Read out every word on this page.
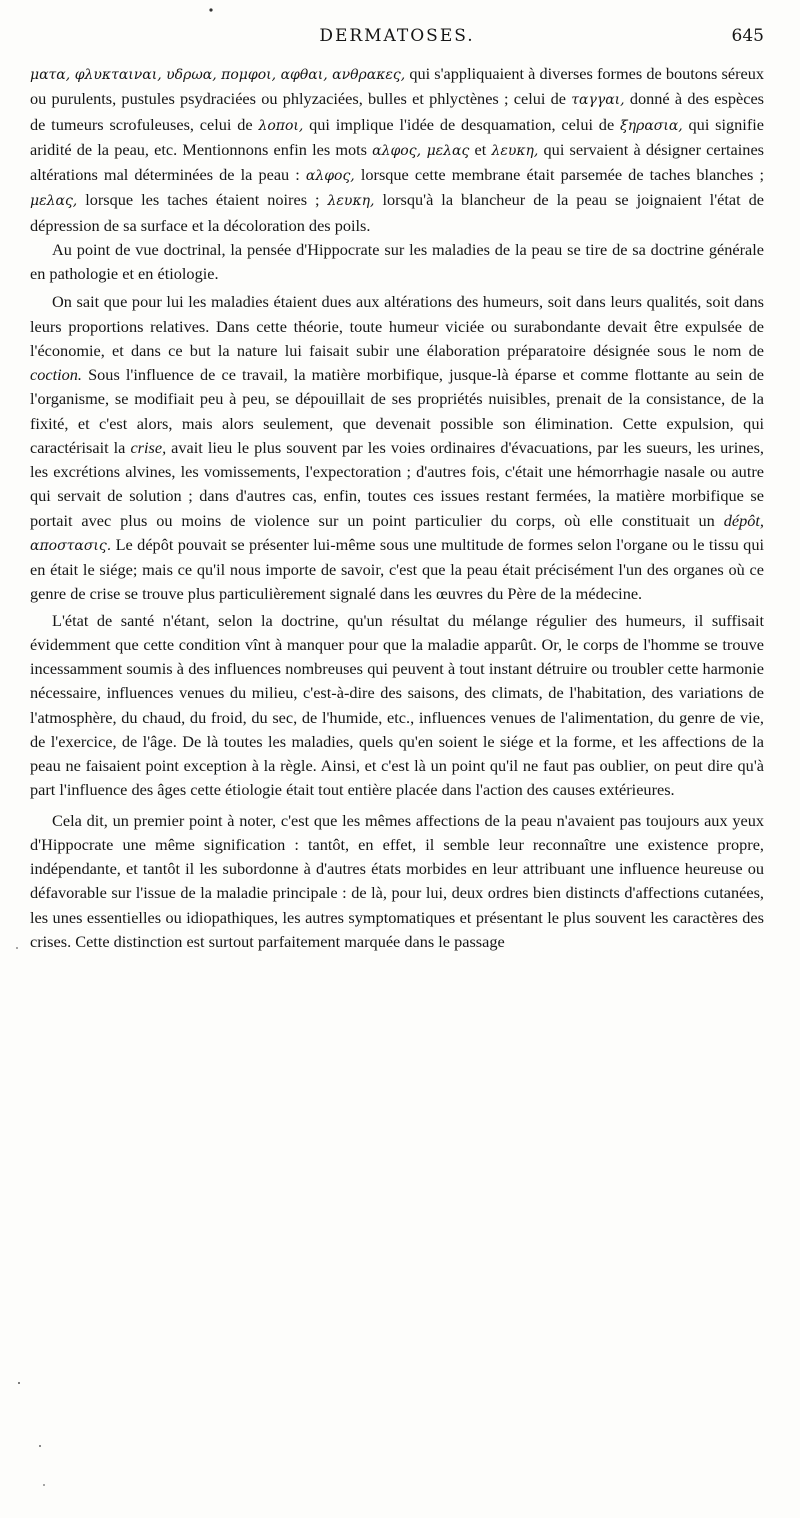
DERMATOSES.	645

ματα, φλυκταιναι, υδρωα, πομφοι, αφθαι, ανθρακες, qui s'appliquaient à diverses formes de boutons séreux ou purulents, pustules psydraciées ou phlyzaciées, bulles et phlyctènes ; celui de ταγγαι, donné à des espèces de tumeurs scrofuleuses, celui de λοποι, qui implique l'idée de desquamation, celui de ξηρασια, qui signifie aridité de la peau, etc. Mentionnons enfin les mots αλφος, μελας et λευκη, qui servaient à désigner certaines altérations mal déterminées de la peau : αλφος, lorsque cette membrane était parsemée de taches blanches ; μελας, lorsque les taches étaient noires ; λευκη, lorsqu'à la blancheur de la peau se joignaient l'état de dépression de sa surface et la décoloration des poils.

Au point de vue doctrinal, la pensée d'Hippocrate sur les maladies de la peau se tire de sa doctrine générale en pathologie et en étiologie.

On sait que pour lui les maladies étaient dues aux altérations des humeurs, soit dans leurs qualités, soit dans leurs proportions relatives. Dans cette théorie, toute humeur viciée ou surabondante devait être expulsée de l'économie, et dans ce but la nature lui faisait subir une élaboration préparatoire désignée sous le nom de coction. Sous l'influence de ce travail, la matière morbifique, jusque-là éparse et comme flottante au sein de l'organisme, se modifiait peu à peu, se dépouillait de ses propriétés nuisibles, prenait de la consistance, de la fixité, et c'est alors, mais alors seulement, que devenait possible son élimination. Cette expulsion, qui caractérisait la crise, avait lieu le plus souvent par les voies ordinaires d'évacuations, par les sueurs, les urines, les excrétions alvines, les vomissements, l'expectoration ; d'autres fois, c'était une hémorrhagie nasale ou autre qui servait de solution ; dans d'autres cas, enfin, toutes ces issues restant fermées, la matière morbifique se portait avec plus ou moins de violence sur un point particulier du corps, où elle constituait un dépôt, αποστασις. Le dépôt pouvait se présenter lui-même sous une multitude de formes selon l'organe ou le tissu qui en était le siége; mais ce qu'il nous importe de savoir, c'est que la peau était précisément l'un des organes où ce genre de crise se trouve plus particulièrement signalé dans les œuvres du Père de la médecine.

L'état de santé n'étant, selon la doctrine, qu'un résultat du mélange régulier des humeurs, il suffisait évidemment que cette condition vînt à manquer pour que la maladie apparût. Or, le corps de l'homme se trouve incessamment soumis à des influences nombreuses qui peuvent à tout instant détruire ou troubler cette harmonie nécessaire, influences venues du milieu, c'est-à-dire des saisons, des climats, de l'habitation, des variations de l'atmosphère, du chaud, du froid, du sec, de l'humide, etc., influences venues de l'alimentation, du genre de vie, de l'exercice, de l'âge. De là toutes les maladies, quels qu'en soient le siége et la forme, et les affections de la peau ne faisaient point exception à la règle. Ainsi, et c'est là un point qu'il ne faut pas oublier, on peut dire qu'à part l'influence des âges cette étiologie était tout entière placée dans l'action des causes extérieures.

Cela dit, un premier point à noter, c'est que les mêmes affections de la peau n'avaient pas toujours aux yeux d'Hippocrate une même signification : tantôt, en effet, il semble leur reconnaître une existence propre, indépendante, et tantôt il les subordonne à d'autres états morbides en leur attribuant une influence heureuse ou défavorable sur l'issue de la maladie principale : de là, pour lui, deux ordres bien distincts d'affections cutanées, les unes essentielles ou idiopathiques, les autres symptomatiques et présentant le plus souvent les caractères des crises. Cette distinction est surtout parfaitement marquée dans le passage
